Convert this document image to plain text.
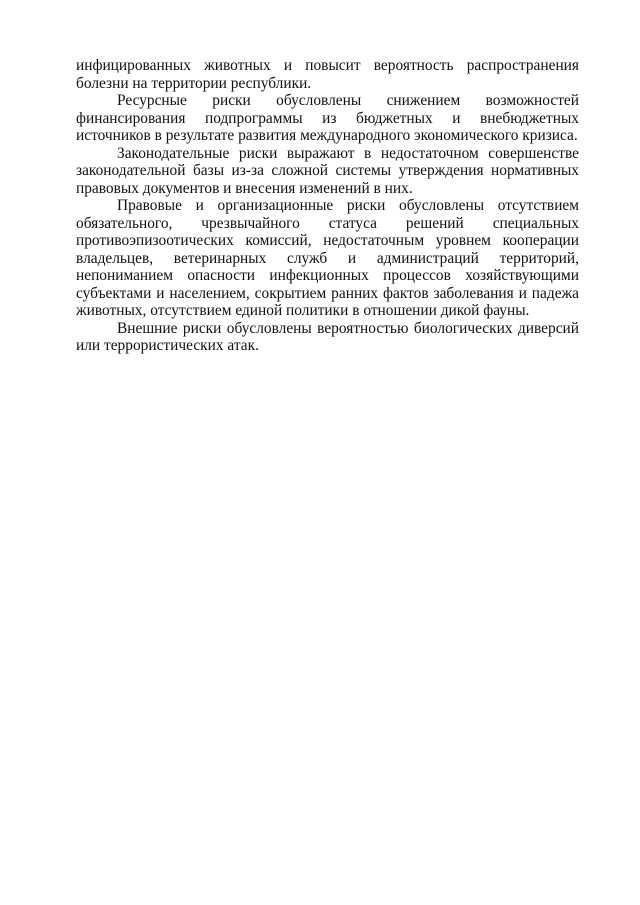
инфицированных животных и повысит вероятность распространения болезни на территории республики.

Ресурсные риски обусловлены снижением возможностей финансирования подпрограммы из бюджетных и внебюджетных источников в результате развития международного экономического кризиса.

Законодательные риски выражают в недостаточном совершенстве законодательной базы из-за сложной системы утверждения нормативных правовых документов и внесения изменений в них.

Правовые и организационные риски обусловлены отсутствием обязательного, чрезвычайного статуса решений специальных противоэпизоотических комиссий, недостаточным уровнем кооперации владельцев, ветеринарных служб и администраций территорий, непониманием опасности инфекционных процессов хозяйствующими субъектами и населением, сокрытием ранних фактов заболевания и падежа животных, отсутствием единой политики в отношении дикой фауны.

Внешние риски обусловлены вероятностью биологических диверсий или террористических атак.
